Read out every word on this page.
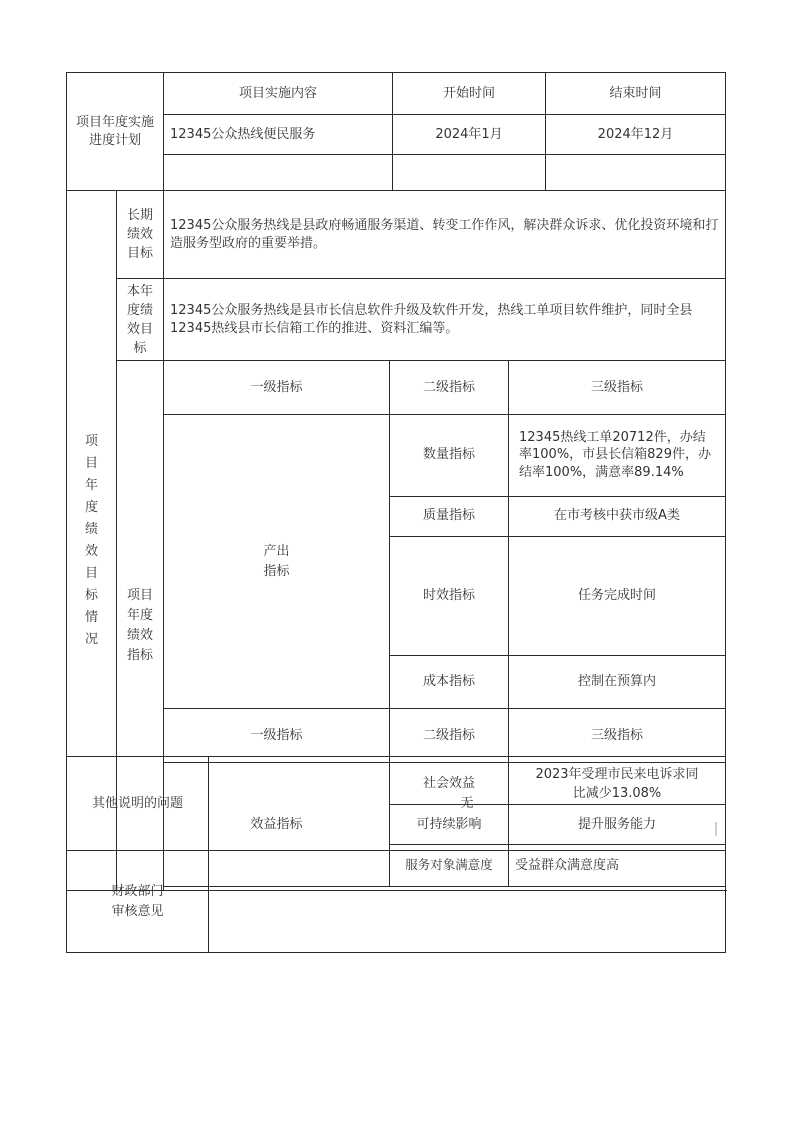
项目年度实施进度计划	项目实施内容	开始时间	结束时间
	12345公众热线便民服务	2024年1月	2024年12月

项目年度绩效目标情况	长期绩效目标	12345公众服务热线是县政府畅通服务渠道、转变工作作风，解决群众诉求、优化投资环境和打造服务型政府的重要举措。			

	本年度绩效目标	12345公众服务热线是县市长信息软件升级及软件开发，热线工单项目软件维护，同时全县12345热线县市长信箱工作的推进、资料汇编等。			

	项目年度绩效指标	一级指标	二级指标	三级指标	

		产出指标	数量指标	12345热线工单20712件，办结率100%，市县长信箱829件，办结率100%，满意率89.14%	
			质量指标	在市考核中获市级A类	
			时效指标	任务完成时间	
			成本指标	控制在预算内	
		一级指标	二级指标	三级指标	
		效益指标	社会效益	2023年受理市民来电诉求同比减少13.08%

			可持续影响	提升服务能力	
			服务对象满意度	受益群众满意度高	

其他说明的问题	无

财政部门审核意见	
